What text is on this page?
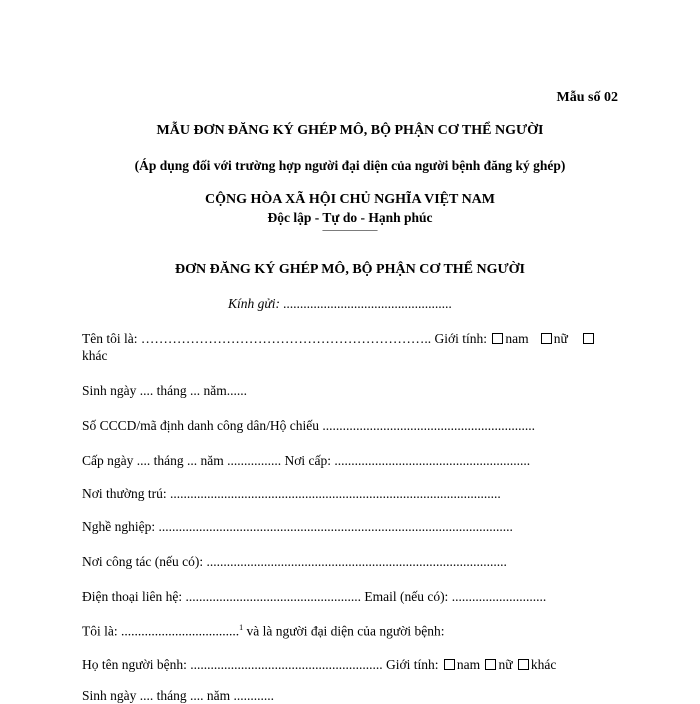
Mẫu số 02
MẪU ĐƠN ĐĂNG KÝ GHÉP MÔ, BỘ PHẬN CƠ THỂ NGƯỜI
(Áp dụng đối với trường hợp người đại diện của người bệnh đăng ký ghép)
CỘNG HÒA XÃ HỘI CHỦ NGHĨA VIỆT NAM
Độc lập - Tự do - Hạnh phúc
—————
ĐƠN ĐĂNG KÝ GHÉP MÔ, BỘ PHẬN CƠ THỂ NGƯỜI
Kính gửi: ..................................................
Tên tôi là: ……………………………………………………….. Giới tính: nam nữ
khác
Sinh ngày .... tháng ... năm......
Số CCCD/mã định danh công dân/Hộ chiếu ...............................................................
Cấp ngày .... tháng ... năm ................ Nơi cấp: ..........................................................
Nơi thường trú: ..................................................................................................
Nghề nghiệp: .........................................................................................................
Nơi công tác (nếu có): .........................................................................................
Điện thoại liên hệ: .................................................... Email (nếu có): ............................
Tôi là: ...................................$^1$ và là người đại diện của người bệnh:
Họ tên người bệnh: ......................................................... Giới tính: nam nữ khác
Sinh ngày .... tháng .... năm ............
